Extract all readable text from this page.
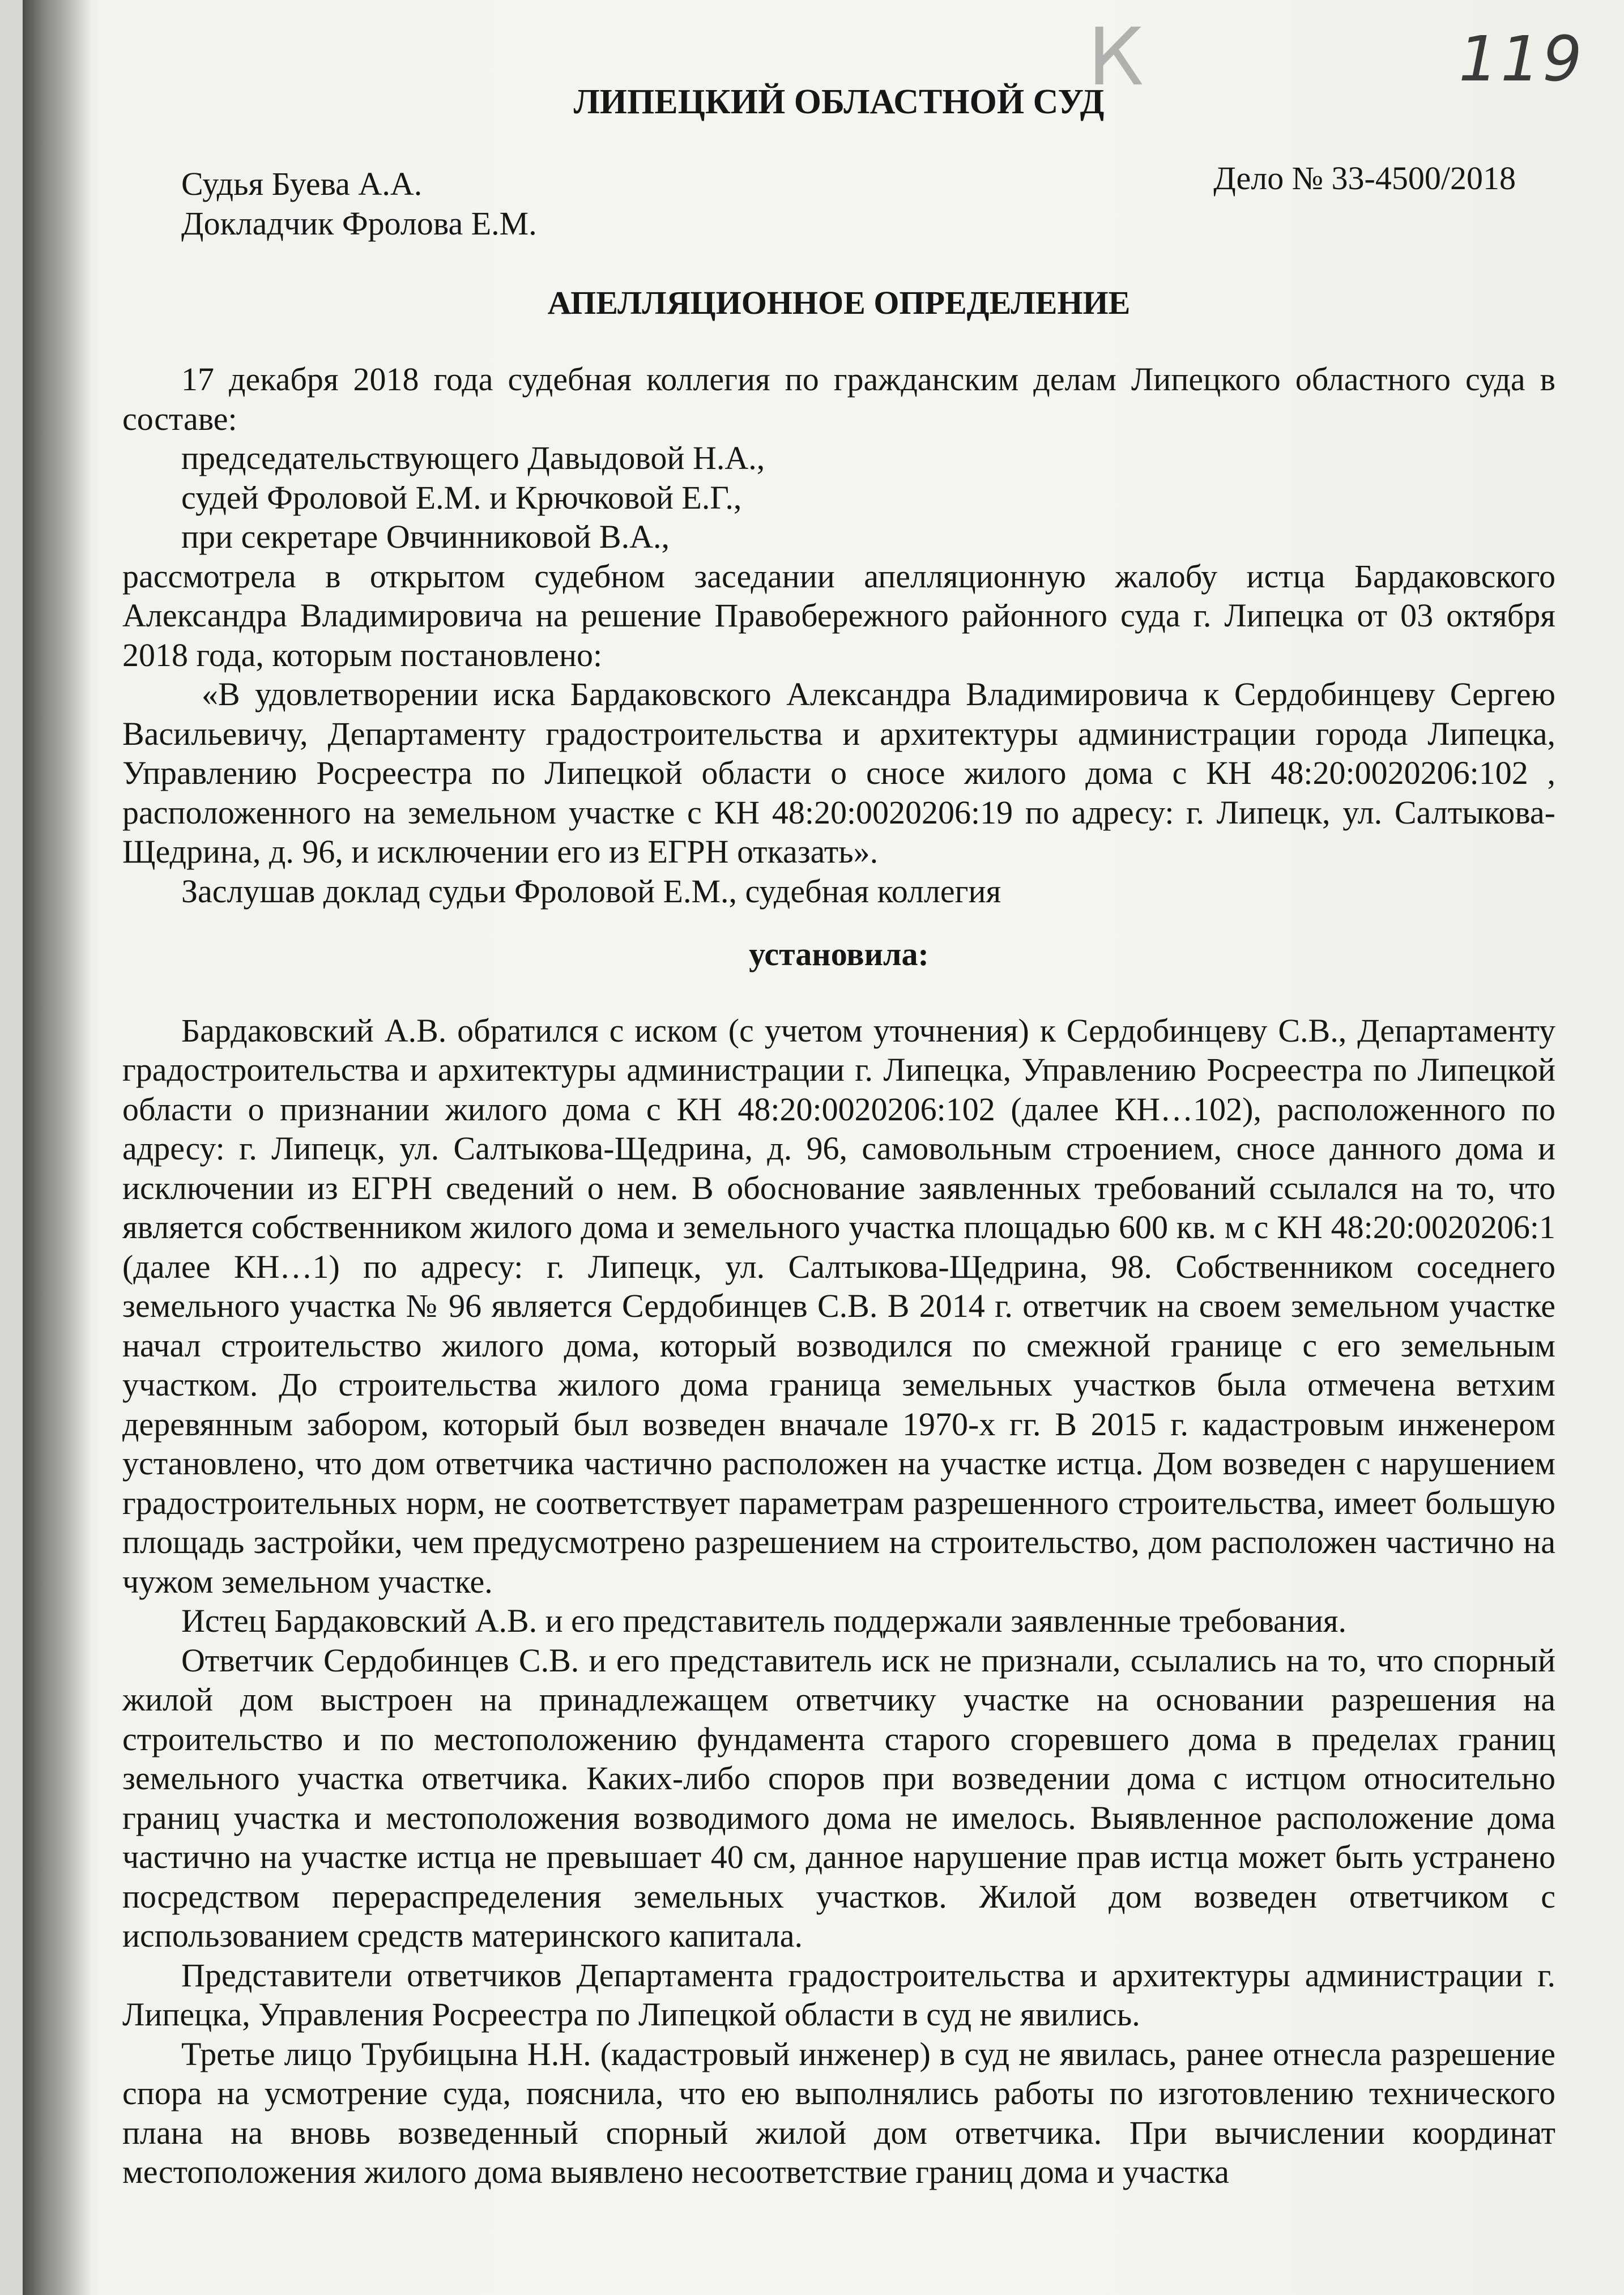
К	119
ЛИПЕЦКИЙ ОБЛАСТНОЙ СУД
Судья Буева А.А.
Докладчик Фролова Е.М.
Дело № 33-4500/2018
АПЕЛЛЯЦИОННОЕ ОПРЕДЕЛЕНИЕ

17 декабря 2018 года судебная коллегия по гражданским делам Липецкого областного суда в составе:

председательствующего Давыдовой Н.А.,

судей Фроловой Е.М. и Крючковой Е.Г.,

при секретаре Овчинниковой В.А.,

рассмотрела в открытом судебном заседании апелляционную жалобу истца Бардаковского Александра Владимировича на решение Правобережного районного суда г. Липецка от 03 октября 2018 года, которым постановлено:

«В удовлетворении иска Бардаковского Александра Владимировича к Сердобинцеву Сергею Васильевичу, Департаменту градостроительства и архитектуры администрации города Липецка, Управлению Росреестра по Липецкой области о сносе жилого дома с КН 48:20:0020206:102 , расположенного на земельном участке с КН 48:20:0020206:19 по адресу: г. Липецк, ул. Салтыкова-Щедрина, д. 96, и исключении его из ЕГРН отказать».

Заслушав доклад судьи Фроловой Е.М., судебная коллегия

установила:

Бардаковский А.В. обратился с иском (с учетом уточнения) к Сердобинцеву С.В., Департаменту градостроительства и архитектуры администрации г. Липецка, Управлению Росреестра по Липецкой области о признании жилого дома с КН 48:20:0020206:102 (далее КН…102), расположенного по адресу: г. Липецк, ул. Салтыкова-Щедрина, д. 96, самовольным строением, сносе данного дома и исключении из ЕГРН сведений о нем. В обоснование заявленных требований ссылался на то, что является собственником жилого дома и земельного участка площадью 600 кв. м с КН 48:20:0020206:1 (далее КН…1) по адресу: г. Липецк, ул. Салтыкова-Щедрина, 98. Собственником соседнего земельного участка № 96 является Сердобинцев С.В. В 2014 г. ответчик на своем земельном участке начал строительство жилого дома, который возводился по смежной границе с его земельным участком. До строительства жилого дома граница земельных участков была отмечена ветхим деревянным забором, который был возведен вначале 1970-х гг. В 2015 г. кадастровым инженером установлено, что дом ответчика частично расположен на участке истца. Дом возведен с нарушением градостроительных норм, не соответствует параметрам разрешенного строительства, имеет большую площадь застройки, чем предусмотрено разрешением на строительство, дом расположен частично на чужом земельном участке.

Истец Бардаковский А.В. и его представитель поддержали заявленные требования.

Ответчик Сердобинцев С.В. и его представитель иск не признали, ссылались на то, что спорный жилой дом выстроен на принадлежащем ответчику участке на основании разрешения на строительство и по местоположению фундамента старого сгоревшего дома в пределах границ земельного участка ответчика. Каких-либо споров при возведении дома с истцом относительно границ участка и местоположения возводимого дома не имелось. Выявленное расположение дома частично на участке истца не превышает 40 см, данное нарушение прав истца может быть устранено посредством перераспределения земельных участков. Жилой дом возведен ответчиком с использованием средств материнского капитала.

Представители ответчиков Департамента градостроительства и архитектуры администрации г. Липецка, Управления Росреестра по Липецкой области в суд не явились.

Третье лицо Трубицына Н.Н. (кадастровый инженер) в суд не явилась, ранее отнесла разрешение спора на усмотрение суда, пояснила, что ею выполнялись работы по изготовлению технического плана на вновь возведенный спорный жилой дом ответчика. При вычислении координат местоположения жилого дома выявлено несоответствие границ дома и участка
